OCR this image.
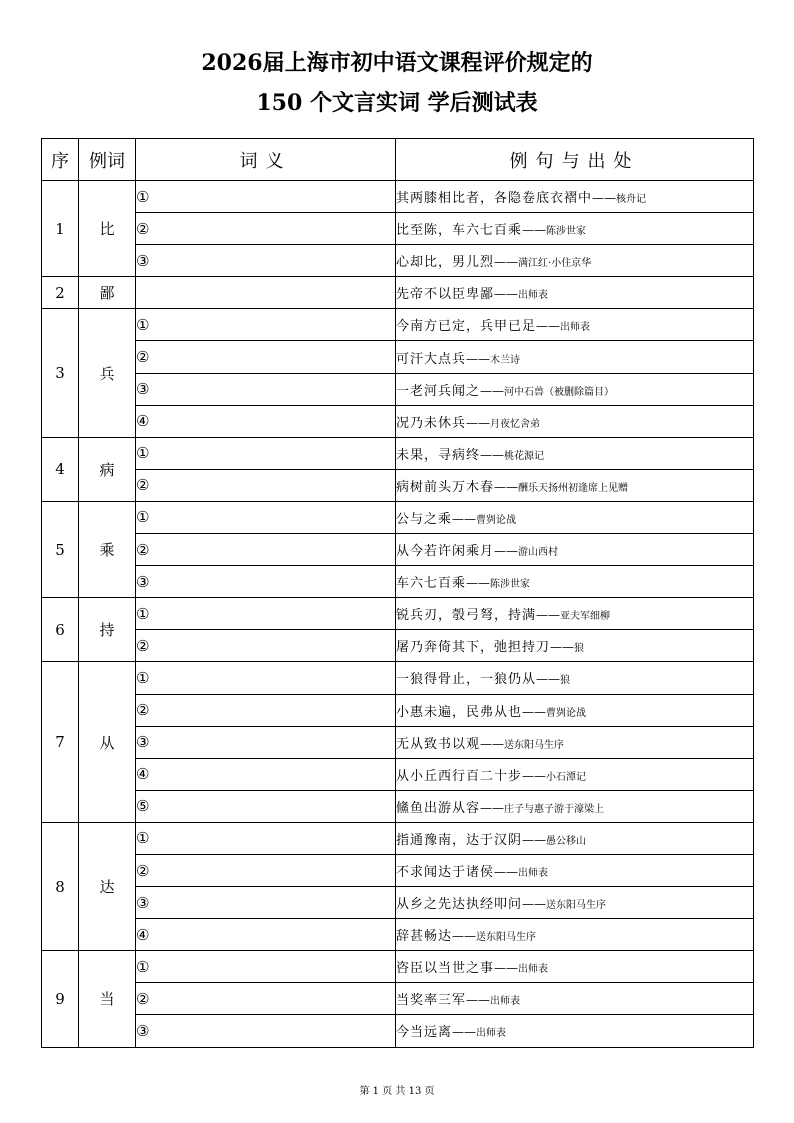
2026届上海市初中语文课程评价规定的
150 个文言实词 学后测试表
序	例词	词义	例句与出处
1	比	①	其两膝相比者，各隐卷底衣褶中——核舟记
		②	比至陈，车六七百乘——陈涉世家
		③	心却比，男儿烈——满江红·小住京华
2	鄙		先帝不以臣卑鄙——出师表
3	兵	①	今南方已定，兵甲已足——出师表
		②	可汗大点兵——木兰诗
		③	一老河兵闻之——河中石兽（被删除篇目）
		④	况乃未休兵——月夜忆舍弟
4	病	①	未果，寻病终——桃花源记
		②	病树前头万木春——酬乐天扬州初逢席上见赠
5	乘	①	公与之乘——曹刿论战
		②	从今若许闲乘月——游山西村
		③	车六七百乘——陈涉世家
6	持	①	锐兵刃，彀弓弩，持满——亚夫军细柳
		②	屠乃奔倚其下，弛担持刀——狼
7	从	①	一狼得骨止，一狼仍从——狼
		②	小惠未遍，民弗从也——曹刿论战
		③	无从致书以观——送东阳马生序
		④	从小丘西行百二十步——小石潭记
		⑤	鯈鱼出游从容——庄子与惠子游于濠梁上
8	达	①	指通豫南，达于汉阴——愚公移山
		②	不求闻达于诸侯——出师表
		③	从乡之先达执经叩问——送东阳马生序
		④	辞甚畅达——送东阳马生序
9	当	①	咨臣以当世之事——出师表
		②	当奖率三军——出师表
		③	今当远离——出师表
第 1 页 共 13 页
